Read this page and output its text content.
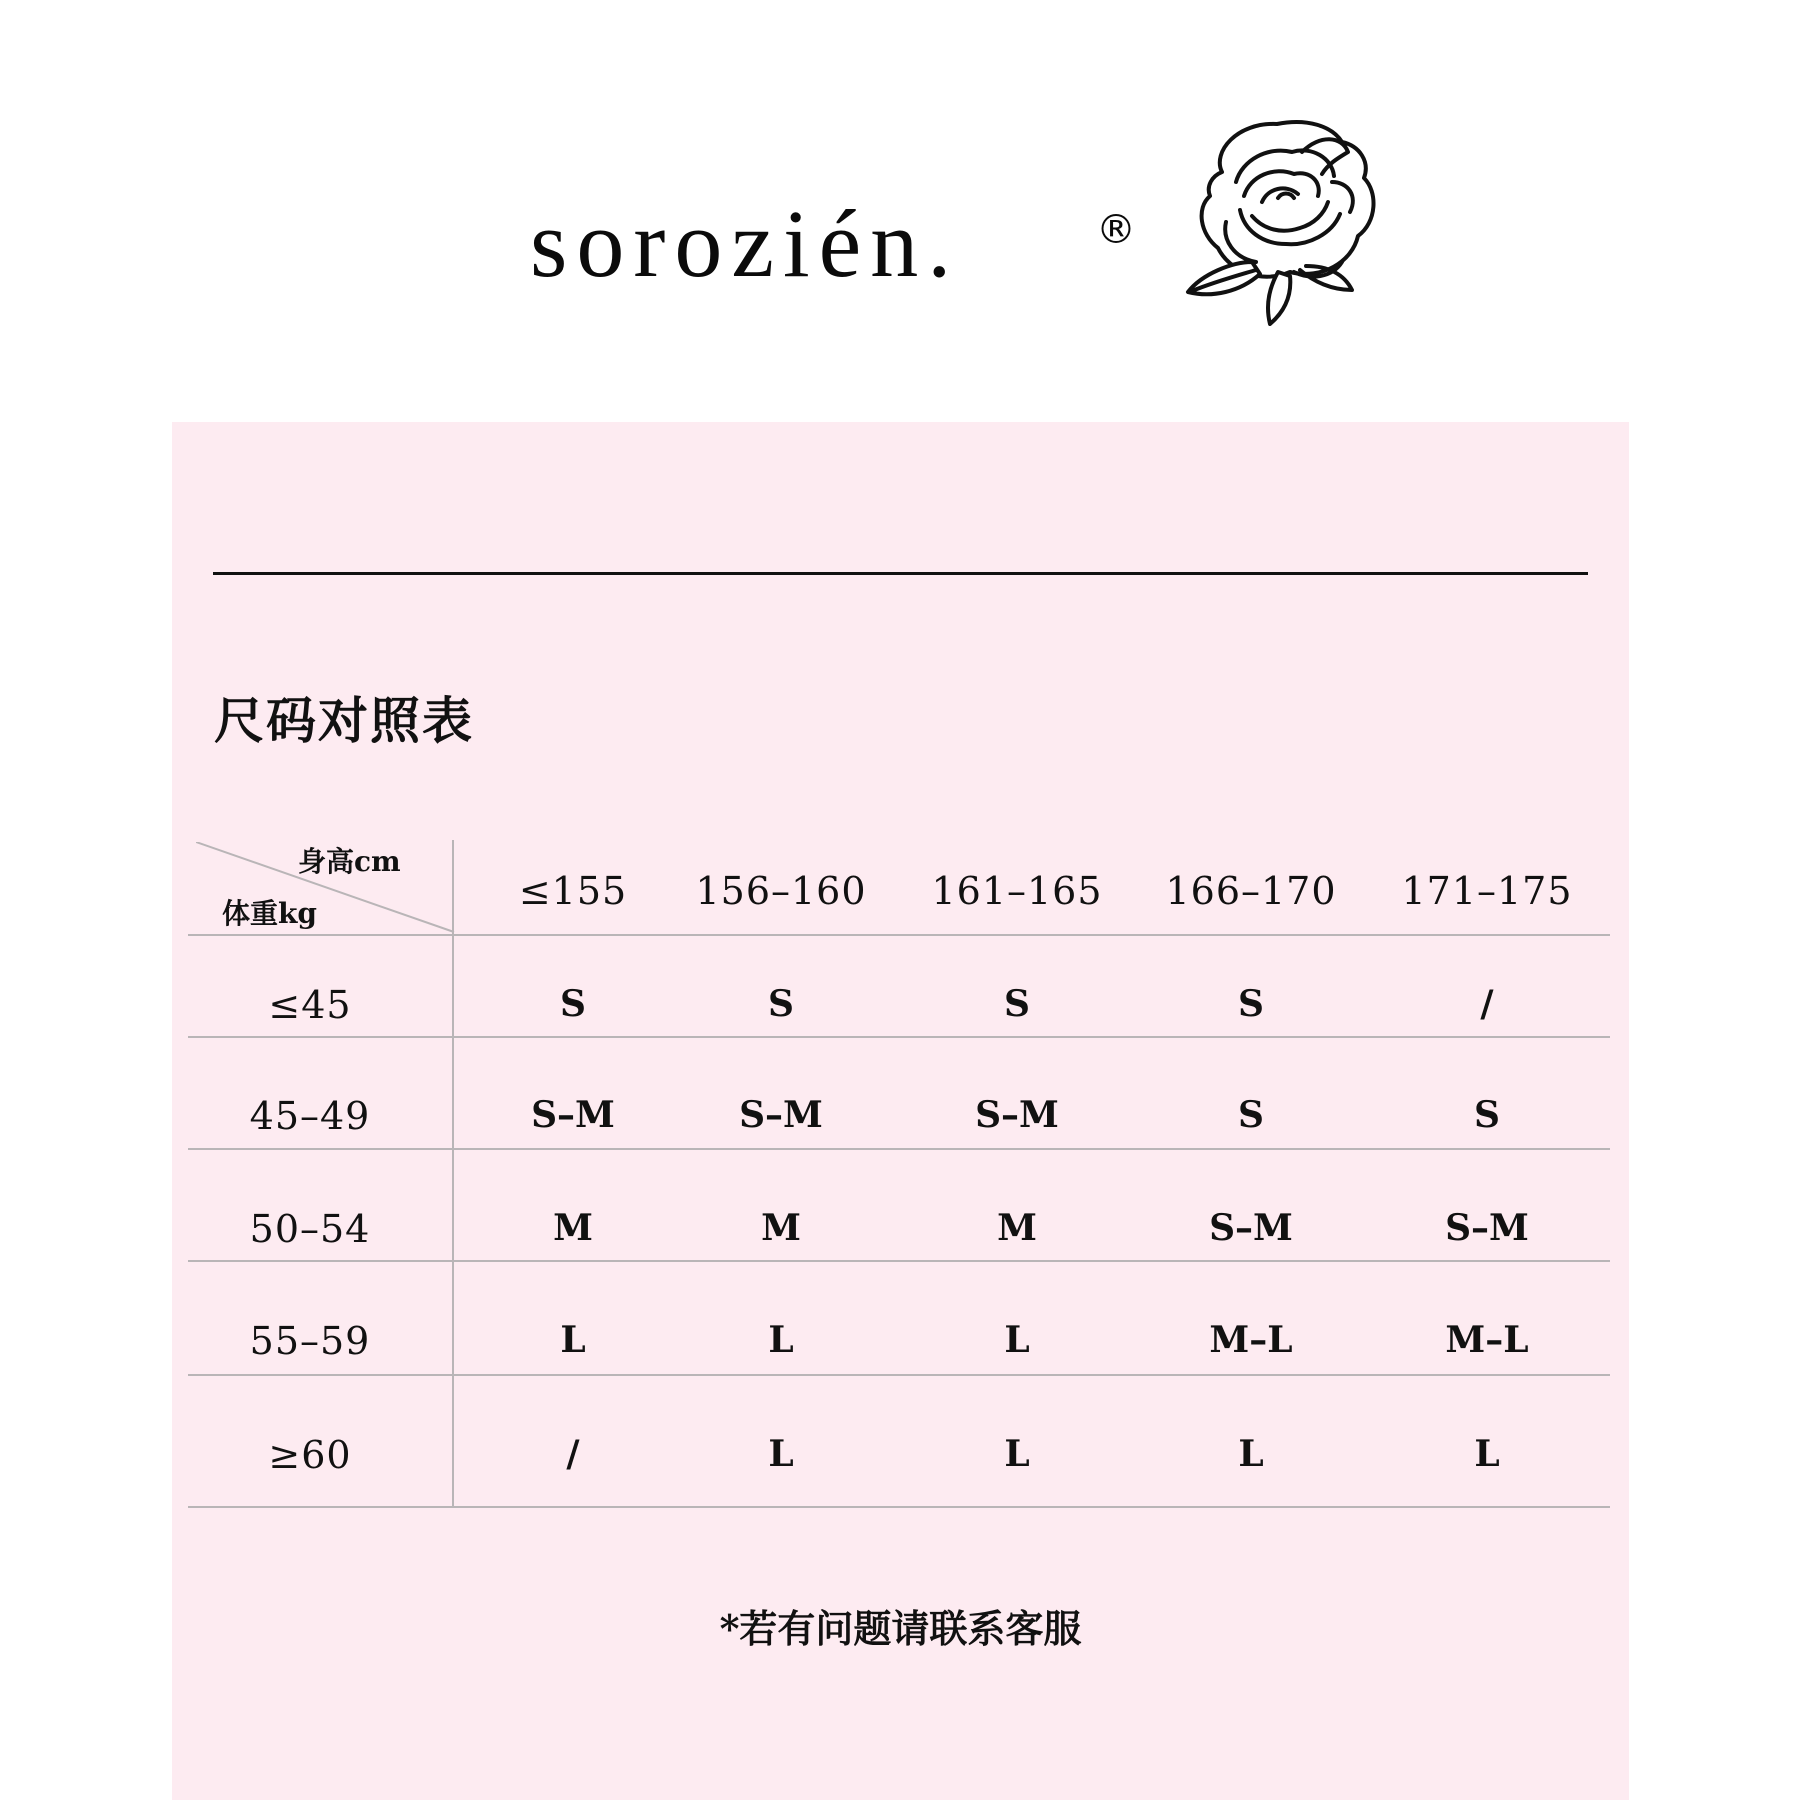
sorozién.	®
尺码对照表
身高cm
体重kg
≤155	156–160	161–165	166–170	171–175
≤45	S	S	S	S	/
45–49	S–M	S–M	S–M	S	S
50–54	M	M	M	S–M	S–M
55–59	L	L	L	M–L	M–L
≥60	/	L	L	L	L
*若有问题请联系客服
